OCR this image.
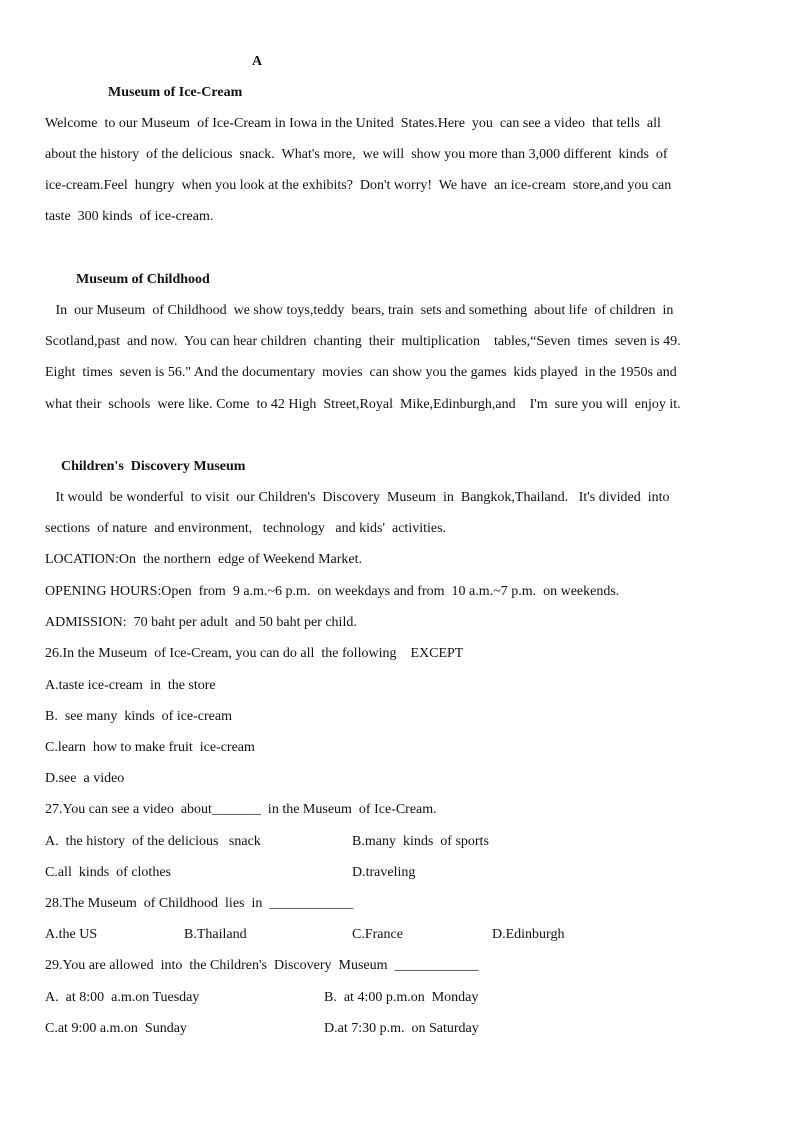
A
Museum of Ice-Cream
Welcome  to our Museum  of Ice-Cream in Iowa in the United  States.Here  you  can see a video  that tells  all
about the history  of the delicious  snack.  What's more,  we will  show you more than 3,000 different  kinds  of
ice-cream.Feel  hungry  when you look at the exhibits?  Don't worry!  We have  an ice-cream  store,and you can
taste  300 kinds  of ice-cream.
Museum of Childhood
In  our Museum  of Childhood  we show toys,teddy  bears, train  sets and something  about life  of children  in
Scotland,past  and now.  You can hear children  chanting  their  multiplication    tables,“Seven  times  seven is 49.
Eight  times  seven is 56." And the documentary  movies  can show you the games  kids played  in the 1950s and
what their  schools  were like. Come  to 42 High  Street,Royal  Mike,Edinburgh,and    I'm  sure you will  enjoy it.
Children's  Discovery Museum
It would  be wonderful  to visit  our Children's  Discovery  Museum  in  Bangkok,Thailand.   It's divided  into
sections  of nature  and environment,   technology   and kids'  activities.
LOCATION:On  the northern  edge of Weekend Market.
OPENING HOURS:Open  from  9 a.m.~6 p.m.  on weekdays and from  10 a.m.~7 p.m.  on weekends.
ADMISSION:  70 baht per adult  and 50 baht per child.
26.In the Museum  of Ice-Cream, you can do all  the following    EXCEPT
A.taste ice-cream  in  the store
B.  see many  kinds  of ice-cream
C.learn  how to make fruit  ice-cream
D.see  a video
27.You can see a video  about_______  in the Museum  of Ice-Cream.
A.  the history  of the delicious   snack	B.many  kinds  of sports
C.all  kinds  of clothes	D.traveling
28.The Museum  of Childhood  lies  in  ____________
A.the US	B.Thailand	C.France	D.Edinburgh
29.You are allowed  into  the Children's  Discovery  Museum  ____________
A.  at 8:00  a.m.on Tuesday	B.  at 4:00 p.m.on  Monday
C.at 9:00 a.m.on  Sunday	D.at 7:30 p.m.  on Saturday
